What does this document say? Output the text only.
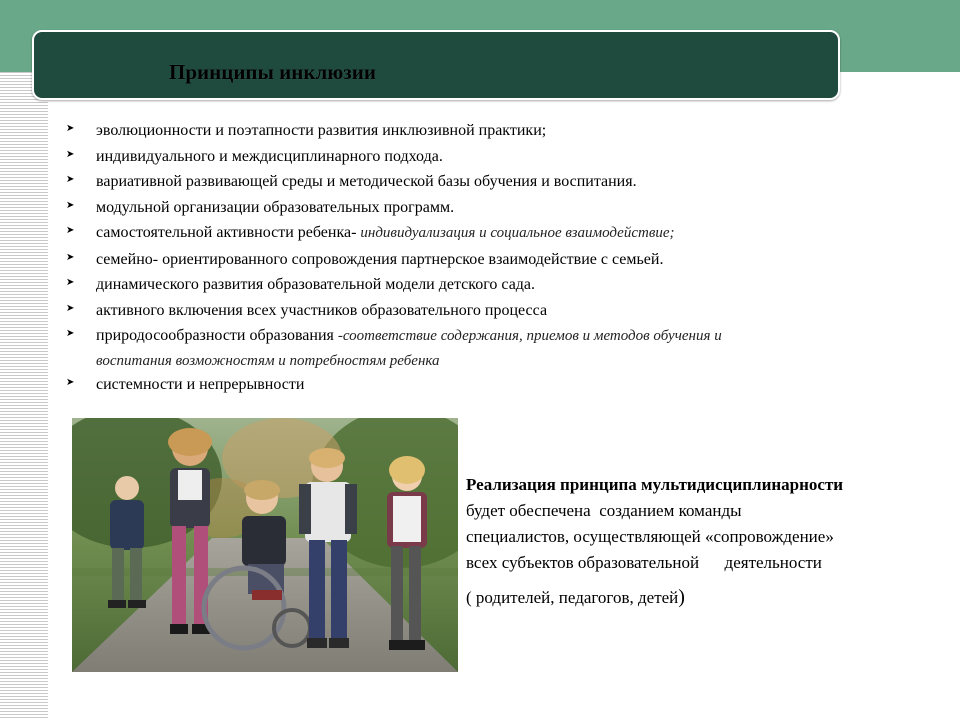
Принципы инклюзии
➤ эволюционности и поэтапности развития инклюзивной практики;
➤ индивидуального и междисциплинарного подхода.
➤ вариативной развивающей среды и методической базы обучения и воспитания.
➤ модульной организации образовательных программ.
➤ самостоятельной активности ребенка- индивидуализация и социальное взаимодействие;
➤ семейно- ориентированного сопровождения партнерское взаимодействие с семьей.
➤ динамического развития образовательной модели детского сада.
➤ активного включения всех участников образовательного процесса
➤ природосообразности образования -соответствие содержания, приемов и методов обучения и
воспитания возможностям и потребностям ребенка
➤ системности и непрерывности
Реализация принципа мультидисциплинарности
будет обеспечена  созданием команды
специалистов, осуществляющей «сопровождение»
всех субъектов образовательной      деятельности
( родителей, педагогов, детей)
